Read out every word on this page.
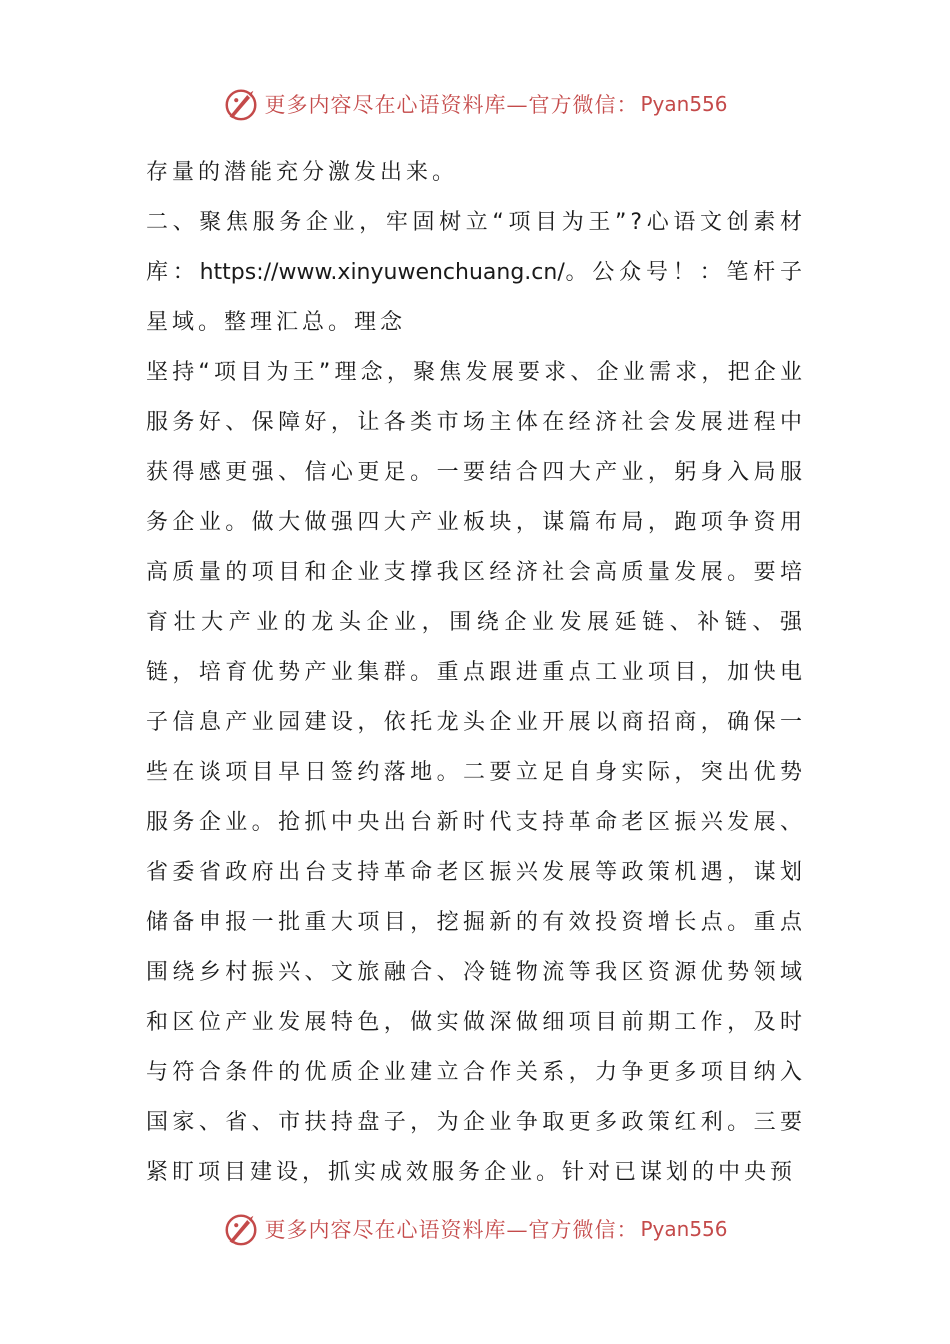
更多内容尽在心语资料库—官方微信： Pyan556

存量的潜能充分激发出来。

二、聚焦服务企业，牢固树立“项目为王”?心语文创素材库：https://www.xinyuwenchuang.cn/。公众号！：笔杆子星域。整理汇总。理念

坚持“项目为王”理念，聚焦发展要求、企业需求，把企业服务好、保障好，让各类市场主体在经济社会发展进程中获得感更强、信心更足。一要结合四大产业，躬身入局服务企业。做大做强四大产业板块，谋篇布局，跑项争资用高质量的项目和企业支撑我区经济社会高质量发展。要培育壮大产业的龙头企业，围绕企业发展延链、补链、强链，培育优势产业集群。重点跟进重点工业项目，加快电子信息产业园建设，依托龙头企业开展以商招商，确保一些在谈项目早日签约落地。二要立足自身实际，突出优势服务企业。抢抓中央出台新时代支持革命老区振兴发展、省委省政府出台支持革命老区振兴发展等政策机遇，谋划储备申报一批重大项目，挖掘新的有效投资增长点。重点围绕乡村振兴、文旅融合、冷链物流等我区资源优势领域和区位产业发展特色，做实做深做细项目前期工作，及时与符合条件的优质企业建立合作关系，力争更多项目纳入国家、省、市扶持盘子，为企业争取更多政策红利。三要紧盯项目建设，抓实成效服务企业。针对已谋划的中央预

更多内容尽在心语资料库—官方微信： Pyan556
